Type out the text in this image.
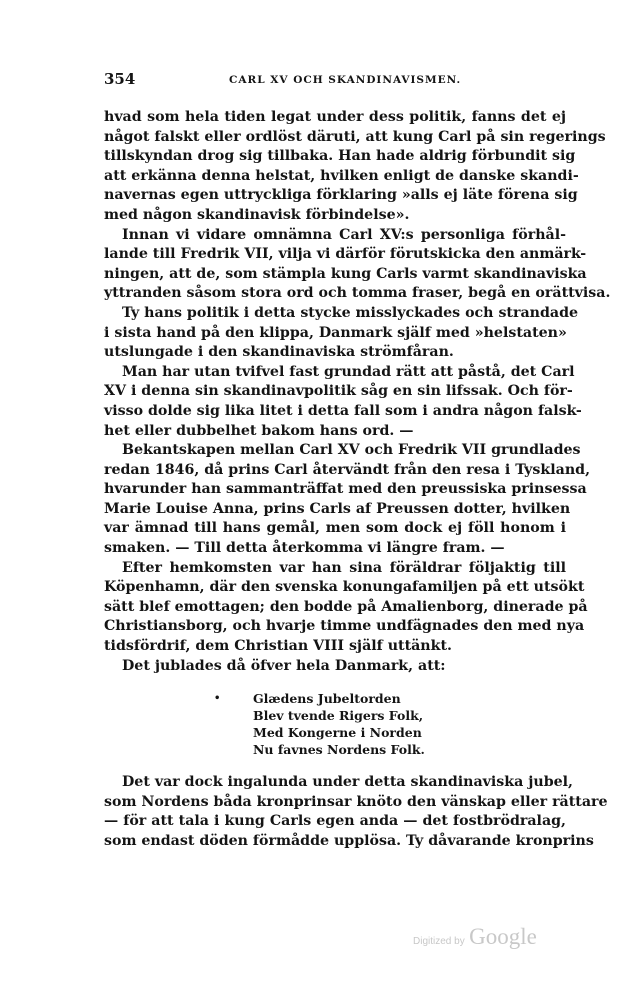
354	CARL XV OCH SKANDINAVISMEN.
hvad som hela tiden legat under dess politik, fanns det ej
något falskt eller ordlöst däruti, att kung Carl på sin regerings
tillskyndan drog sig tillbaka. Han hade aldrig förbundit sig
att erkänna denna helstat, hvilken enligt de danske skandi-
navernas egen uttryckliga förklaring »alls ej läte förena sig
med någon skandinavisk förbindelse».
Innan vi vidare omnämna Carl XV:s personliga förhål-
lande till Fredrik VII, vilja vi därför förutskicka den anmärk-
ningen, att de, som stämpla kung Carls varmt skandinaviska
yttranden såsom stora ord och tomma fraser, begå en orättvisa.
Ty hans politik i detta stycke misslyckades och strandade
i sista hand på den klippa, Danmark själf med »helstaten»
utslungade i den skandinaviska strömfåran.
Man har utan tvifvel fast grundad rätt att påstå, det Carl
XV i denna sin skandinavpolitik såg en sin lifssak. Och för-
visso dolde sig lika litet i detta fall som i andra någon falsk-
het eller dubbelhet bakom hans ord. —
Bekantskapen mellan Carl XV och Fredrik VII grundlades
redan 1846, då prins Carl återvändt från den resa i Tyskland,
hvarunder han sammanträffat med den preussiska prinsessa
Marie Louise Anna, prins Carls af Preussen dotter, hvilken
var ämnad till hans gemål, men som dock ej föll honom i
smaken. — Till detta återkomma vi längre fram. —
Efter hemkomsten var han sina föräldrar följaktig till
Köpenhamn, där den svenska konungafamiljen på ett utsökt
sätt blef emottagen; den bodde på Amalienborg, dinerade på
Christiansborg, och hvarje timme undfägnades den med nya
tidsfördrif, dem Christian VIII själf uttänkt.
Det jublades då öfver hela Danmark, att:
•	Glædens Jubeltorden
Blev tvende Rigers Folk,
Med Kongerne i Norden
Nu favnes Nordens Folk.
Det var dock ingalunda under detta skandinaviska jubel,
som Nordens båda kronprinsar knöto den vänskap eller rättare
— för att tala i kung Carls egen anda — det fostbrödralag,
som endast döden förmådde upplösa. Ty dåvarande kronprins
Digitized by Google
